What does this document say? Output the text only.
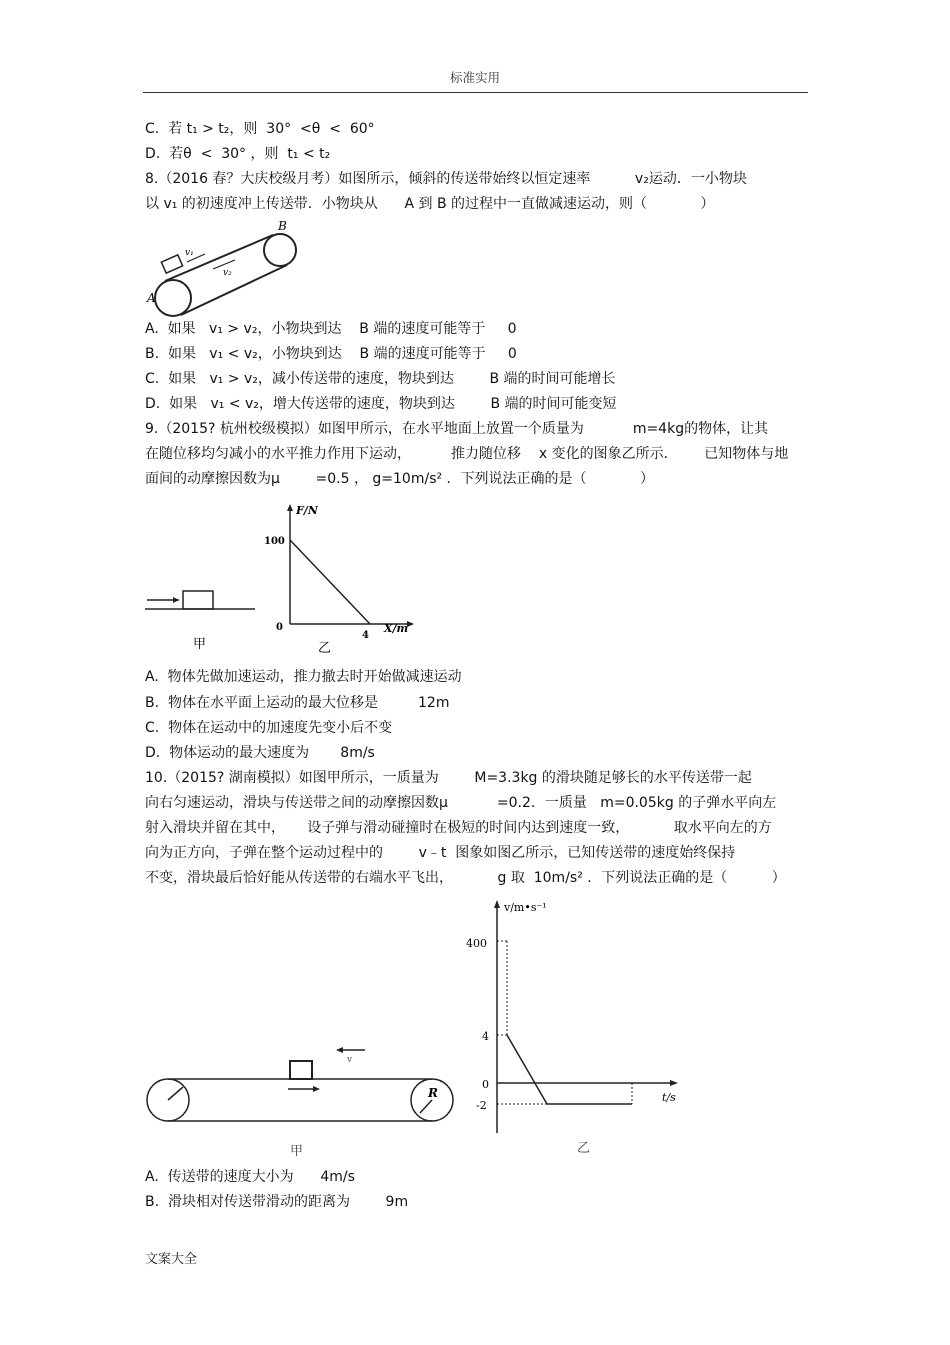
标准实用
C.  若 t₁ > t₂，则  30°  <θ  <  60°
D.  若θ  <  30° ，则  t₁ < t₂
8.（2016 春？大庆校级月考）如图所示，倾斜的传送带始终以恒定速率          v₂运动．一小物块
以 v₁ 的初速度冲上传送带．小物块从      A 到 B 的过程中一直做减速运动，则（            ）
v₁
v₂
A
B
A.  如果   v₁ > v₂，小物块到达    B 端的速度可能等于     0
B.  如果   v₁ < v₂，小物块到达    B 端的速度可能等于     0
C.  如果   v₁ > v₂，减小传送带的速度，物块到达        B 端的时间可能增长
D.  如果   v₁ < v₂，增大传送带的速度，物块到达        B 端的时间可能变短
9.（2015? 杭州校级模拟）如图甲所示，在水平地面上放置一个质量为           m=4kg的物体，让其
在随位移均匀减小的水平推力作用下运动，         推力随位移    x 变化的图象乙所示．      已知物体与地
面间的动摩擦因数为μ        =0.5 ， g=10m/s² ．下列说法正确的是（            ）
甲
F/N
100
0
4
X/m
乙
A.  物体先做加速运动，推力撤去时开始做减速运动
B.  物体在水平面上运动的最大位移是         12m
C.  物体在运动中的加速度先变小后不变
D.  物体运动的最大速度为       8m/s
10.（2015? 湖南模拟）如图甲所示，一质量为        M=3.3kg 的滑块随足够长的水平传送带一起
向右匀速运动，滑块与传送带之间的动摩擦因数μ           =0.2．一质量   m=0.05kg 的子弹水平向左
射入滑块并留在其中，     设子弹与滑动碰撞时在极短的时间内达到速度一致，          取水平向左的方
向为正方向，子弹在整个运动过程中的        v﹣t  图象如图乙所示，已知传送带的速度始终保持
不变，滑块最后恰好能从传送带的右端水平飞出，          g 取  10m/s² ．下列说法正确的是（          ）
v
R
甲
v/m•s⁻¹
400
4
0
-2
t/s
乙
A.  传送带的速度大小为      4m/s
B.  滑块相对传送带滑动的距离为        9m
文案大全
